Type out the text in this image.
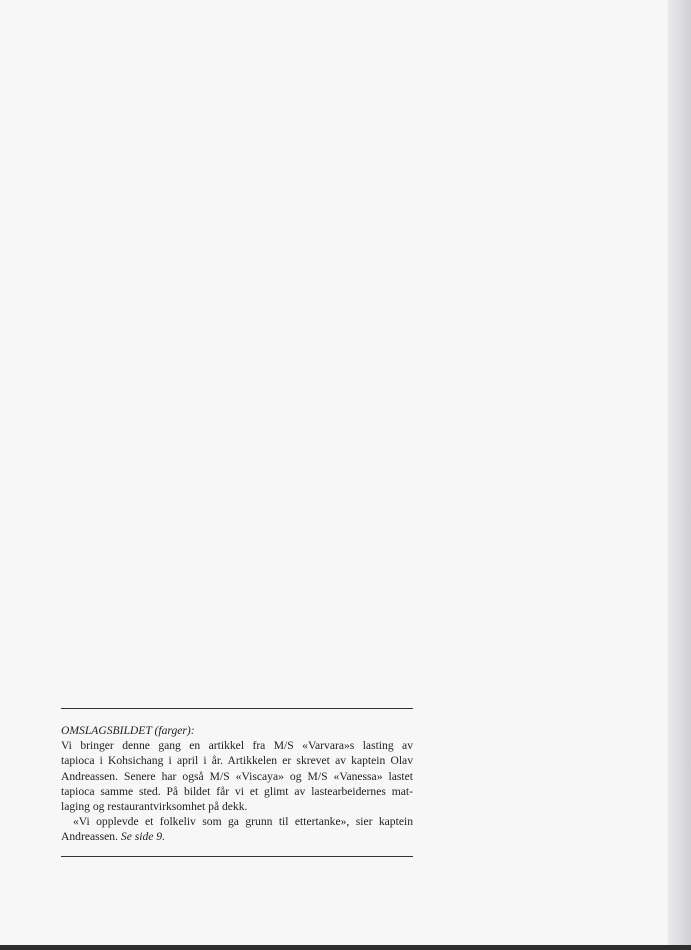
OMSLAGSBILDET (farger):

Vi bringer denne gang en artikkel fra M/S «Varvara»s lasting av
tapioca i Kohsichang i april i år. Artikkelen er skrevet av kaptein Olav
Andreassen. Senere har også M/S «Viscaya» og M/S «Vanessa» lastet
tapioca samme sted. På bildet får vi et glimt av lastearbeidernes mat-
laging og restaurantvirksomhet på dekk.

«Vi opplevde et folkeliv som ga grunn til ettertanke», sier kaptein
Andreassen. Se side 9.
